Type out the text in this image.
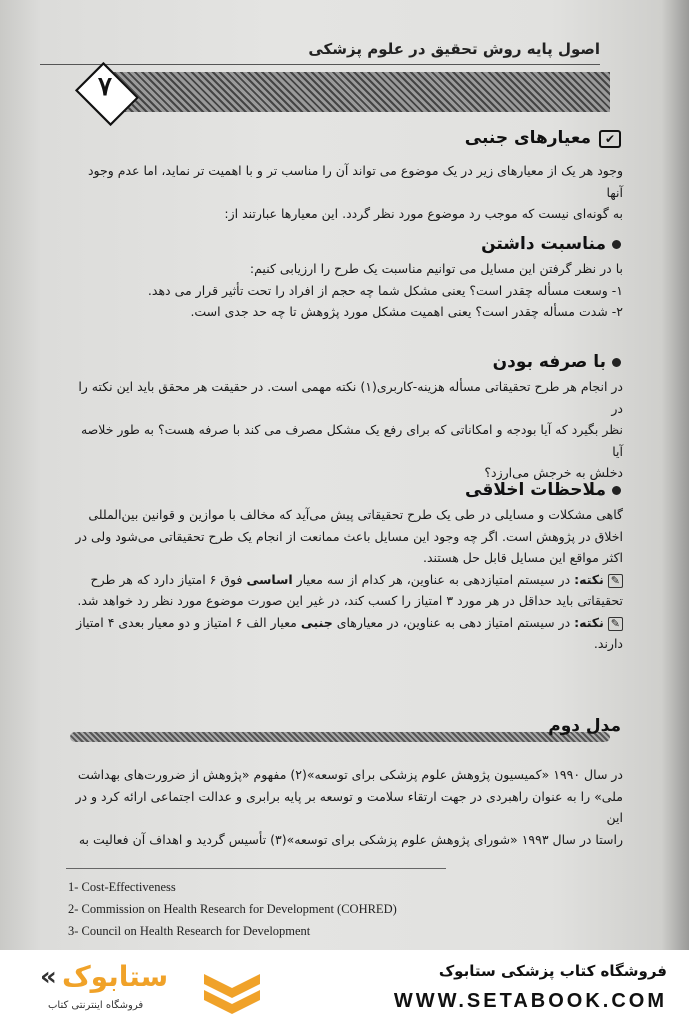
اصول پایه روش تحقیق در علوم پزشکی
۷
✔معیارهای جنبی

وجود هر یک از معیارهای زیر در یک موضوع می تواند آن را مناسب تر و با اهمیت تر نماید، اما عدم وجود آنها

به گونه‌ای نیست که موجب رد موضوع مورد نظر گردد. این معیارها عبارتند از:

مناسبت داشتن

با در نظر گرفتن این مسایل می توانیم مناسبت یک طرح را ارزیابی کنیم:

۱- وسعت مسأله چقدر است؟ یعنی مشکل شما چه حجم از افراد را تحت تأثیر قرار می دهد.

۲- شدت مسأله چقدر است؟ یعنی اهمیت مشکل مورد پژوهش تا چه حد جدی است.

با صرفه بودن

در انجام هر طرح تحقیقاتی مسأله هزینه-کاربری(۱) نکته مهمی است. در حقیقت هر محقق باید این نکته را در

نظر بگیرد که آیا بودجه و امکاناتی که برای رفع یک مشکل مصرف می کند با صرفه هست؟ به طور خلاصه آیا

دخلش به خرجش می‌ارزد؟

ملاحظات اخلاقی

گاهی مشکلات و مسایلی در طی یک طرح تحقیقاتی پیش می‌آید که مخالف با موازین و قوانین بین‌المللی

اخلاق در پژوهش است. اگر چه وجود این مسایل باعث ممانعت از انجام یک طرح تحقیقاتی می‌شود ولی در

اکثر مواقع این مسایل قابل حل هستند.

✎نکته: در سیستم امتیازدهی به عناوین، هر کدام از سه معیار اساسی فوق ۶ امتیاز دارد که هر طرح

تحقیقاتی باید حداقل در هر مورد ۳ امتیاز را کسب کند، در غیر این صورت موضوع مورد نظر رد خواهد شد.

✎نکته: در سیستم امتیاز دهی به عناوین، در معیارهای جنبی معیار الف ۶ امتیاز و دو معیار بعدی ۴ امتیاز

دارند.

مدل دوم

در سال ۱۹۹۰ «کمیسیون پژوهش علوم پزشکی برای توسعه»(۲) مفهوم «پژوهش از ضرورت‌های بهداشت

ملی» را به عنوان راهبردی در جهت ارتقاء سلامت و توسعه بر پایه برابری و عدالت اجتماعی ارائه کرد و در این

راستا در سال ۱۹۹۳ «شورای پژوهش علوم پزشکی برای توسعه»(۳) تأسیس گردید و اهداف آن فعالیت به

1- Cost-Effectiveness
2- Commission on Health Research for Development (COHRED)
3- Council on Health Research for Development
فروشگاه کتاب پزشکی ستابوک
WWW.SETABOOK.COM
« ستابوک
فروشگاه اینترنتی کتاب
